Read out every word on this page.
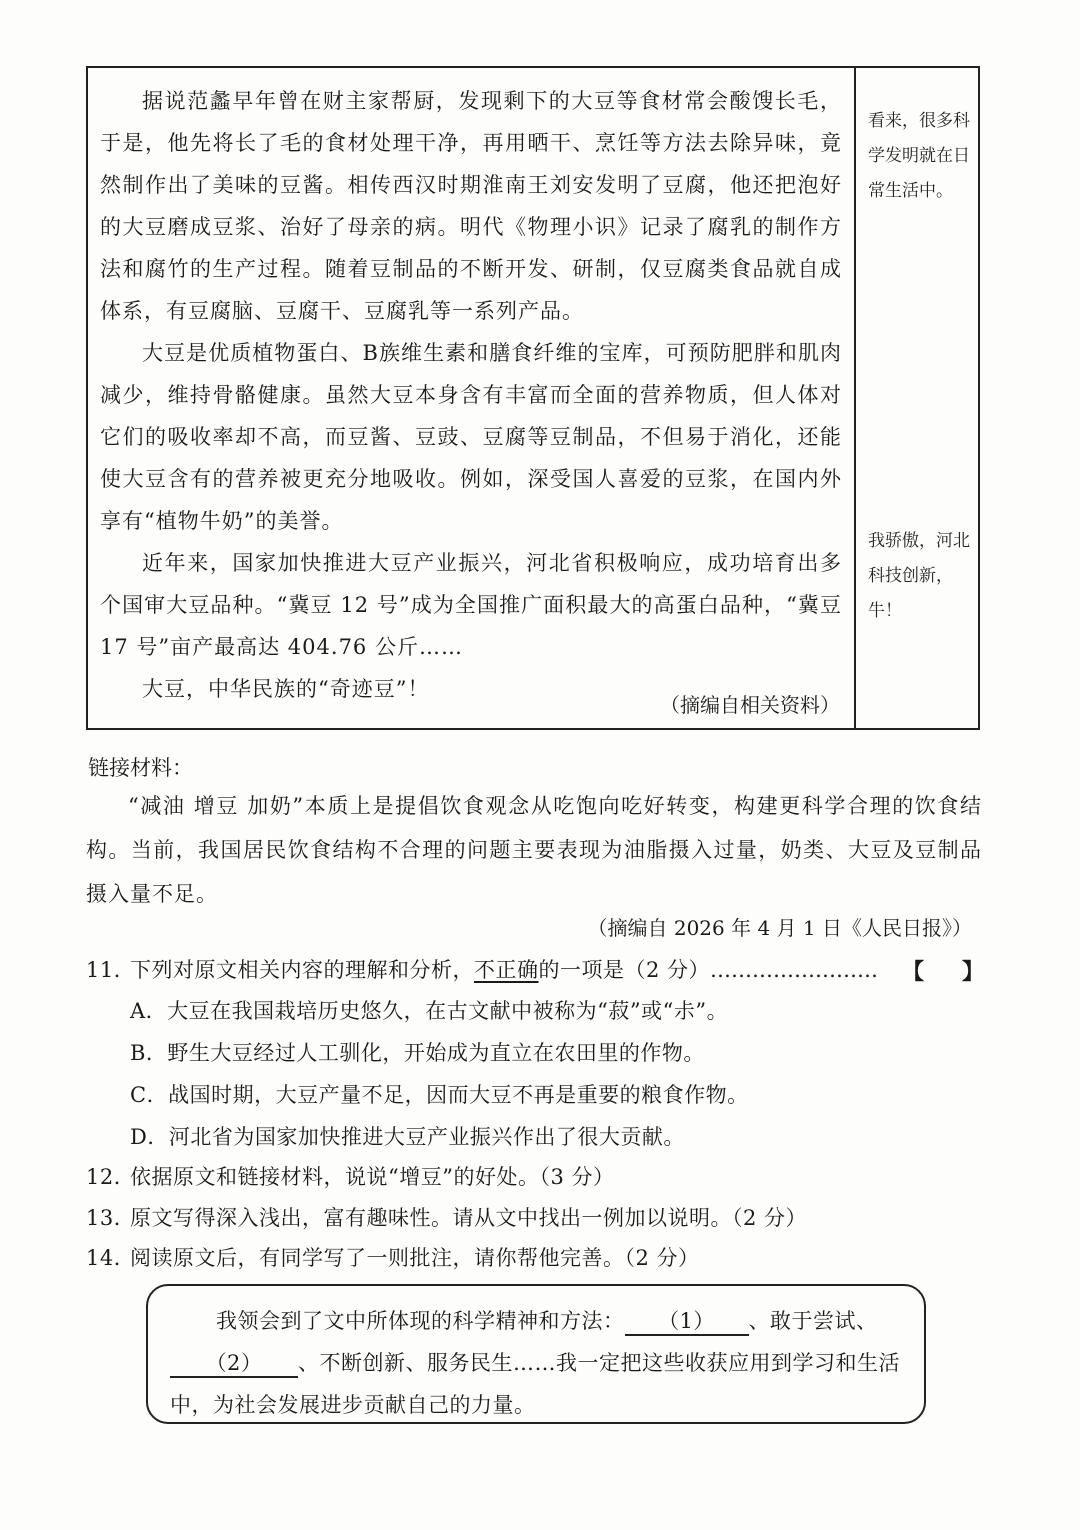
据说范蠡早年曾在财主家帮厨，发现剩下的大豆等食材常会酸馊长毛，于是，他先将长了毛的食材处理干净，再用晒干、烹饪等方法去除异味，竟然制作出了美味的豆酱。相传西汉时期淮南王刘安发明了豆腐，他还把泡好的大豆磨成豆浆、治好了母亲的病。明代《物理小识》记录了腐乳的制作方法和腐竹的生产过程。随着豆制品的不断开发、研制，仅豆腐类食品就自成体系，有豆腐脑、豆腐干、豆腐乳等一系列产品。

大豆是优质植物蛋白、B族维生素和膳食纤维的宝库，可预防肥胖和肌肉减少，维持骨骼健康。虽然大豆本身含有丰富而全面的营养物质，但人体对它们的吸收率却不高，而豆酱、豆豉、豆腐等豆制品，不但易于消化，还能使大豆含有的营养被更充分地吸收。例如，深受国人喜爱的豆浆，在国内外享有“植物牛奶”的美誉。

近年来，国家加快推进大豆产业振兴，河北省积极响应，成功培育出多个国审大豆品种。“冀豆 12 号”成为全国推广面积最大的高蛋白品种，“冀豆 17 号”亩产最高达 404.76 公斤……

大豆，中华民族的“奇迹豆”！

（摘编自相关资料）

看来，很多科学发明就在日常生活中。

我骄傲，河北科技创新，牛！

链接材料：

“减油 增豆 加奶”本质上是提倡饮食观念从吃饱向吃好转变，构建更科学合理的饮食结构。当前，我国居民饮食结构不合理的问题主要表现为油脂摄入过量，奶类、大豆及豆制品摄入量不足。

（摘编自 2026 年 4 月 1 日《人民日报》）
11．下列对原文相关内容的理解和分析，不正确的一项是（2 分）…………………… 【 】
A．大豆在我国栽培历史悠久，在古文献中被称为“菽”或“尗”。
B．野生大豆经过人工驯化，开始成为直立在农田里的作物。
C．战国时期，大豆产量不足，因而大豆不再是重要的粮食作物。
D．河北省为国家加快推进大豆产业振兴作出了很大贡献。
12．依据原文和链接材料，说说“增豆”的好处。（3 分）
13．原文写得深入浅出，富有趣味性。请从文中找出一例加以说明。（2 分）
14．阅读原文后，有同学写了一则批注，请你帮他完善。（2 分）

我领会到了文中所体现的科学精神和方法： （1） 、敢于尝试、（2） 、不断创新、服务民生……我一定把这些收获应用到学习和生活中，为社会发展进步贡献自己的力量。
